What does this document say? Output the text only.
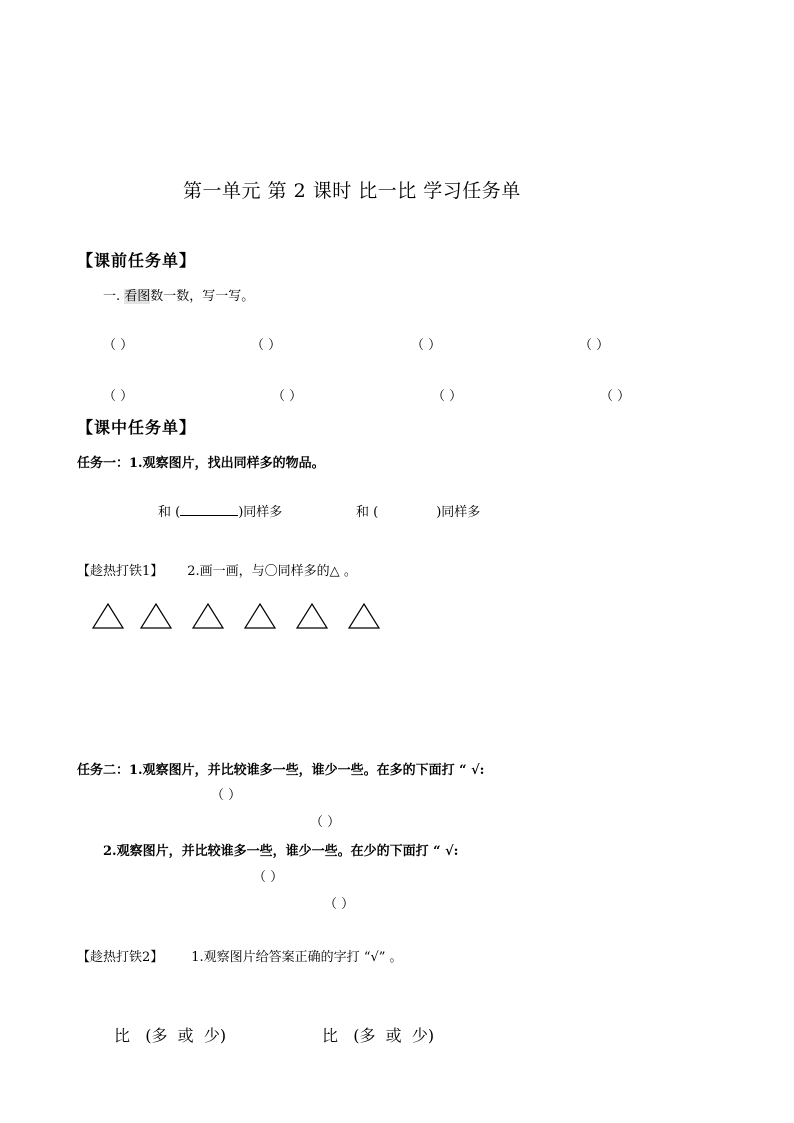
第一单元 第 2 课时 比一比 学习任务单
【课前任务单】
一. 看图数一数，写一写。
（ ）	（ ）	（ ）	（ ）
（ ）	（ ）	（ ）	（ ）
【课中任务单】
任务一：1.观察图片，找出同样多的物品。
和 (	)同样多	和 (	)同样多
【趁热打铁1】 2.画一画，与〇同样多的△ 。
任务二：1.观察图片，并比较谁多一些，谁少一些。在多的下面打 “ √:
（ ）
（ ）
2.观察图片，并比较谁多一些，谁少一些。在少的下面打 “ √:
（ ）
（ ）
【趁热打铁2】 1.观察图片给答案正确的字打 “√” 。
比   (多  或  少)	比   (多  或  少)
